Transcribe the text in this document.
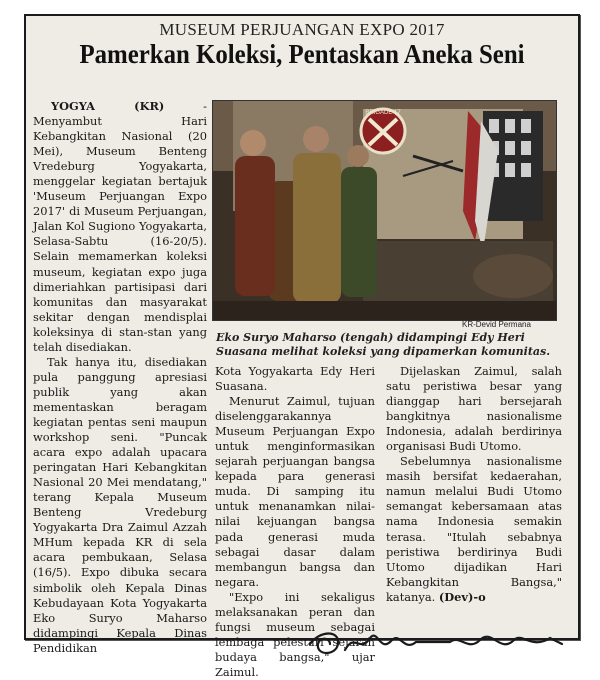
MUSEUM PERJUANGAN EXPO 2017
Pamerkan Koleksi, Pentaskan Aneka Seni

YOGYA (KR) - Menyambut Hari Kebangkitan Nasional (20 Mei), Museum Benteng Vredeburg Yogyakarta, menggelar kegiatan bertajuk 'Museum Perjuangan Expo 2017' di Museum Perjuangan, Jalan Kol Sugiono Yogyakarta, Selasa-Sabtu (16-20/5). Selain memamerkan koleksi museum, kegiatan expo juga dimeriahkan partisipasi dari komunitas dan masyarakat sekitar dengan mendisplai koleksinya di stan-stan yang telah disediakan.

Tak hanya itu, disediakan pula panggung apresiasi publik yang akan mementaskan beragam kegiatan pentas seni maupun workshop seni. "Puncak acara expo adalah upacara peringatan Hari Kebangkitan Nasional 20 Mei mendatang," terang Kepala Museum Benteng Vredeburg Yogyakarta Dra Zaimul Azzah MHum kepada KR di sela acara pembukaan, Selasa (16/5). Expo dibuka secara simbolik oleh Kepala Dinas Kebudayaan Kota Yogyakarta Eko Suryo Maharso didampingi Kepala Dinas Pendidikan

BRIGADE 17
KR-Devid Permana
Eko Suryo Maharso (tengah) didampingi Edy Heri Suasana melihat koleksi yang dipamerkan komunitas.

Kota Yogyakarta Edy Heri Suasana.

Menurut Zaimul, tujuan diselenggarakannya Museum Perjuangan Expo untuk menginformasikan sejarah perjuangan bangsa kepada para generasi muda. Di samping itu untuk menanamkan nilai-nilai kejuangan bangsa pada generasi muda sebagai dasar dalam membangun bangsa dan negara.

"Expo ini sekaligus melaksanakan peran dan fungsi museum sebagai lembaga pelestari sejarah budaya bangsa," ujar Zaimul.

Dijelaskan Zaimul, salah satu peristiwa besar yang dianggap hari bersejarah bangkitnya nasionalisme Indonesia, adalah berdirinya organisasi Budi Utomo.

Sebelumnya nasionalisme masih bersifat kedaerahan, namun melalui Budi Utomo semangat kebersamaan atas nama Indonesia semakin terasa. "Itulah sebabnya peristiwa berdirinya Budi Utomo dijadikan Hari Kebangkitan Bangsa," katanya. (Dev)-o
